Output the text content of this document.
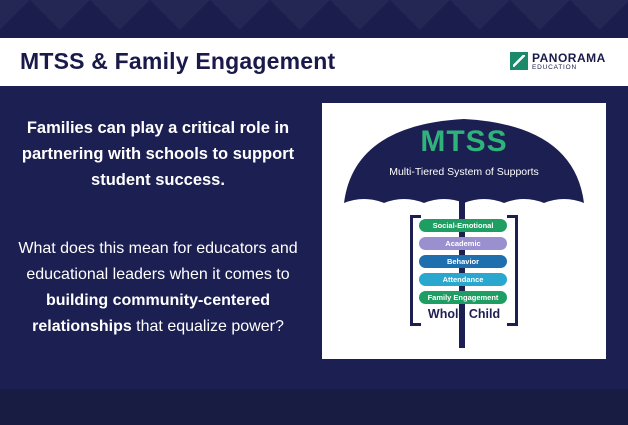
MTSS & Family Engagement	PANORAMA
EDUCATION
Families can play a critical role in partnering with schools to support student success.
What does this mean for educators and educational leaders when it comes to building community-centered relationships that equalize power?
MTSS
Multi-Tiered System of Supports
Social-Emotional
Academic
Behavior
Attendance
Family Engagement
Whole Child
